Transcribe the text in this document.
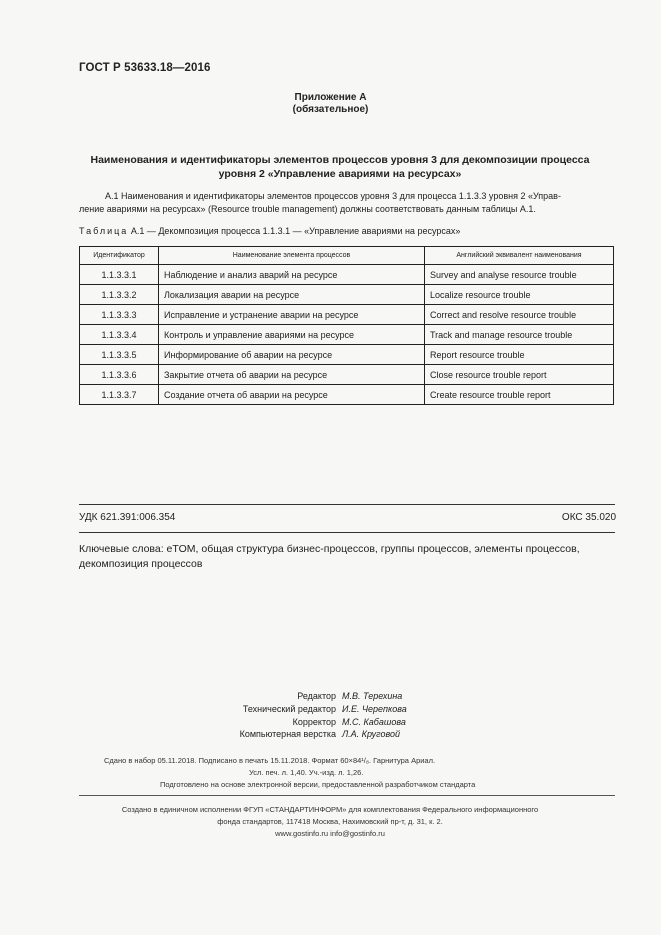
ГОСТ Р 53633.18—2016
Приложение А
(обязательное)
Наименования и идентификаторы элементов процессов уровня 3 для декомпозиции процесса
уровня 2 «Управление авариями на ресурсах»
А.1 Наименования и идентификаторы элементов процессов уровня 3 для процесса 1.1.3.3 уровня 2 «Управ-
ление авариями на ресурсах» (Resource trouble management) должны соответствовать данным таблицы А.1.
Таблица А.1 — Декомпозиция процесса 1.1.3.1 — «Управление авариями на ресурсах»
Идентификатор	Наименование элемента процессов	Английский эквивалент наименования
1.1.3.3.1	Наблюдение и анализ аварий на ресурсе	Survey and analyse resource trouble
1.1.3.3.2	Локализация аварии на ресурсе	Localize resource trouble
1.1.3.3.3	Исправление и устранение аварии на ресурсе	Correct and resolve resource trouble
1.1.3.3.4	Контроль и управление авариями на ресурсе	Track and manage resource trouble
1.1.3.3.5	Информирование об аварии на ресурсе	Report resource trouble
1.1.3.3.6	Закрытие отчета об аварии на ресурсе	Close resource trouble report
1.1.3.3.7	Создание отчета об аварии на ресурсе	Create resource trouble report
УДК 621.391:006.354	ОКС 35.020
Ключевые слова: eTOM, общая структура бизнес-процессов, группы процессов, элементы процессов,
декомпозиция процессов
Редактор М.В. Терехина
Технический редактор И.Е. Черепкова
Корректор М.С. Кабашова
Компьютерная верстка Л.А. Круговой
Сдано в набор 05.11.2018. Подписано в печать 15.11.2018. Формат 60×84¹/₈. Гарнитура Ариал.
Усл. печ. л. 1,40. Уч.-изд. л. 1,26.
Подготовлено на основе электронной версии, предоставленной разработчиком стандарта
Создано в единичном исполнении ФГУП «СТАНДАРТИНФОРМ» для комплектования Федерального информационного
фонда стандартов, 117418 Москва, Нахимовский пр-т, д. 31, к. 2.
www.gostinfo.ru info@gostinfo.ru
